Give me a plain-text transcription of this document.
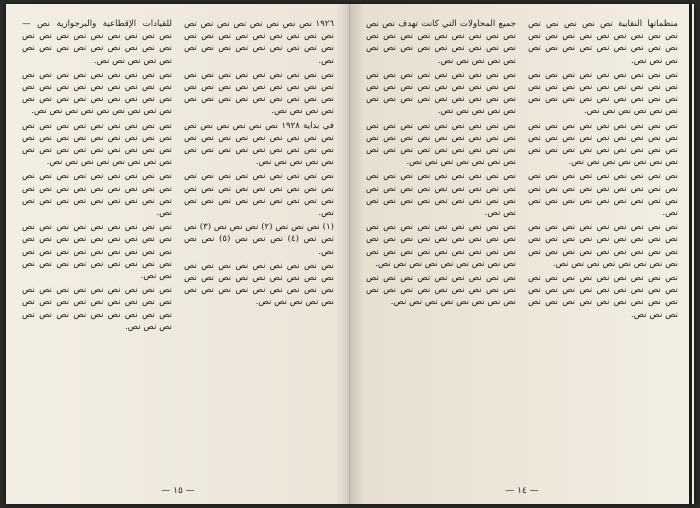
١٩٢٦ نص نص نص نص نص نص نص نص نص نص نص نص نص نص نص نص نص نص نص نص نص نص نص نص نص نص نص.

نص نص نص نص نص نص نص نص نص نص نص نص نص نص نص نص نص نص نص نص نص نص نص نص نص نص نص نص نص نص نص.

في بداية ١٩٢٨ نص نص نص نص نص نص نص نص نص نص نص نص نص نص نص نص نص نص نص نص نص نص نص نص نص نص نص نص نص.

نص نص نص نص نص نص نص نص نص نص نص نص نص نص نص نص نص نص نص نص نص نص نص نص نص نص نص نص.

(١) نص نص نص (٢) نص نص نص (٣) نص نص نص (٤) نص نص نص (٥) نص نص نص.

نص نص نص نص نص نص نص نص نص نص نص نص نص نص نص نص نص نص نص نص نص نص نص نص نص نص نص نص نص نص نص نص.

للقيادات الإقطاعية والبرجوازية نص — نص نص نص نص نص نص نص نص نص نص نص نص نص نص نص نص نص نص نص نص نص نص نص.

نص نص نص نص نص نص نص نص نص نص نص نص نص نص نص نص نص نص نص نص نص نص نص نص نص نص نص نص نص نص نص نص نص نص نص نص.

نص نص نص نص نص نص نص نص نص نص نص نص نص نص نص نص نص نص نص نص نص نص نص نص نص نص نص نص نص نص نص نص نص نص نص.

نص نص نص نص نص نص نص نص نص نص نص نص نص نص نص نص نص نص نص نص نص نص نص نص نص نص نص نص.

نص نص نص نص نص نص نص نص نص نص نص نص نص نص نص نص نص نص نص نص نص نص نص نص نص نص نص نص نص نص نص نص نص نص نص نص نص نص.

نص نص نص نص نص نص نص نص نص نص نص نص نص نص نص نص نص نص نص نص نص نص نص نص نص نص نص نص نص نص.

— ١٥ —

منظماتها النقابية نص نص نص نص نص نص نص نص نص نص نص نص نص نص نص نص نص نص نص نص نص نص نص نص نص نص.

نص نص نص نص نص نص نص نص نص نص نص نص نص نص نص نص نص نص نص نص نص نص نص نص نص نص نص نص نص نص نص نص نص.

نص نص نص نص نص نص نص نص نص نص نص نص نص نص نص نص نص نص نص نص نص نص نص نص نص نص نص نص نص نص نص نص نص نص.

نص نص نص نص نص نص نص نص نص نص نص نص نص نص نص نص نص نص نص نص نص نص نص نص نص نص نص نص.

نص نص نص نص نص نص نص نص نص نص نص نص نص نص نص نص نص نص نص نص نص نص نص نص نص نص نص نص نص نص نص نص نص نص نص.

نص نص نص نص نص نص نص نص نص نص نص نص نص نص نص نص نص نص نص نص نص نص نص نص نص نص نص نص نص نص.

جميع المحاولات التي كانت تهدف نص نص نص نص نص نص نص نص نص نص نص نص نص نص نص نص نص نص نص نص نص نص نص نص نص.

نص نص نص نص نص نص نص نص نص نص نص نص نص نص نص نص نص نص نص نص نص نص نص نص نص نص نص نص نص نص نص نص.

نص نص نص نص نص نص نص نص نص نص نص نص نص نص نص نص نص نص نص نص نص نص نص نص نص نص نص نص نص نص نص نص نص نص.

نص نص نص نص نص نص نص نص نص نص نص نص نص نص نص نص نص نص نص نص نص نص نص نص نص نص نص نص نص.

نص نص نص نص نص نص نص نص نص نص نص نص نص نص نص نص نص نص نص نص نص نص نص نص نص نص نص نص نص نص نص نص نص نص نص نص.

نص نص نص نص نص نص نص نص نص نص نص نص نص نص نص نص نص نص نص نص نص نص نص نص نص نص.

— ١٤ —
